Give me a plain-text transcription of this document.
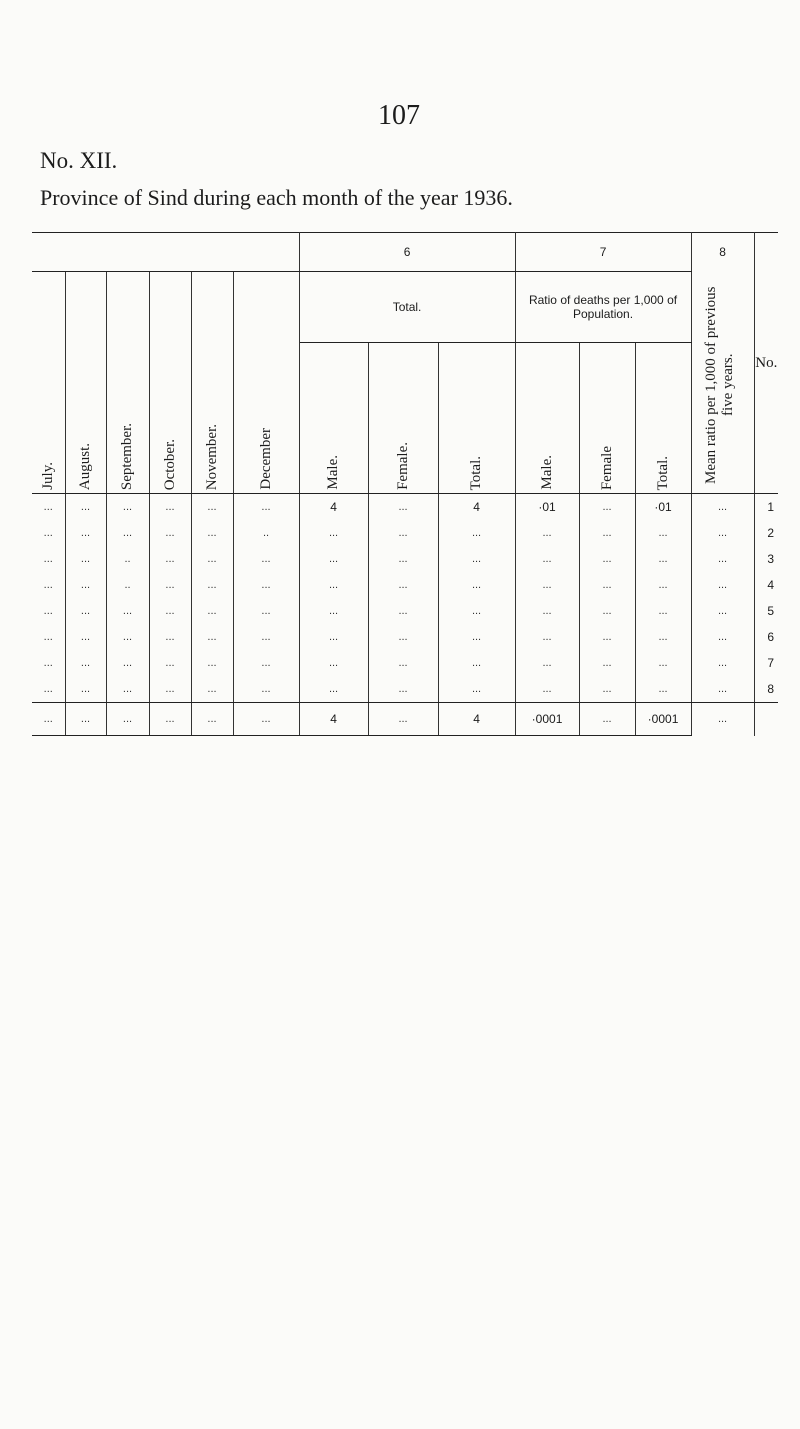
107
No. XII.
Province of Sind during each month of the year 1936.
						6			7			8	No.
July.	August.	September.	October.	November.	December	Total.			Ratio of deaths per 1,000 of Population.			Mean ratio per 1,000 of previous five years.	
						Male.	Female.	Total.	Male.	Female	Total.		
...	...	...	...	...	...	4	...	4	·01	...	·01	...	1
...	...	...	...	...	..	...	...	...	...	...	...	...	2
...	...	..	...	...	...	...	...	...	...	...	...	...	3
...	...	..	...	...	...	...	...	...	...	...	...	...	4
...	...	...	...	...	...	...	...	...	...	...	...	...	5
...	...	...	...	...	...	...	...	...	...	...	...	...	6
...	...	...	...	...	...	...	...	...	...	...	...	...	7
...	...	...	...	...	...	...	...	...	...	...	...	...	8
...	...	...	...	...	...	4	...	4	·0001	...	·0001	...	
